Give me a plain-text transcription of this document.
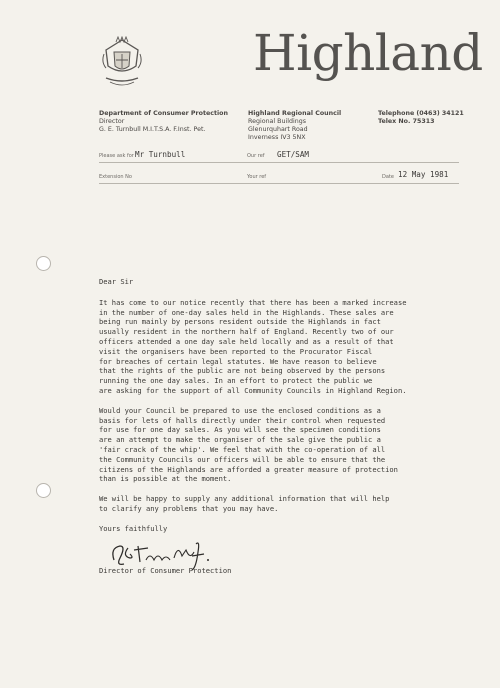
Highland
Department of Consumer Protection
Director
G. E. Turnbull M.I.T.S.A. F.Inst. Pet.
Highland Regional Council
Regional Buildings
Glenurquhart Road
Inverness IV3 5NX
Telephone (0463) 34121
Telex No. 75313
Please ask for Mr Turnbull	Our ref GET/SAM
Extension No	Your ref	Date 12 May 1981

Dear Sir

It has come to our notice recently that there has been a marked increase
in the number of one-day sales held in the Highlands. These sales are
being run mainly by persons resident outside the Highlands in fact
usually resident in the northern half of England. Recently two of our
officers attended a one day sale held locally and as a result of that
visit the organisers have been reported to the Procurator Fiscal
for breaches of certain legal statutes. We have reason to believe
that the rights of the public are not being observed by the persons
running the one day sales. In an effort to protect the public we
are asking for the support of all Community Councils in Highland Region.

Would your Council be prepared to use the enclosed conditions as a
basis for lets of halls directly under their control when requested
for use for one day sales. As you will see the specimen conditions
are an attempt to make the organiser of the sale give the public a
'fair crack of the whip'. We feel that with the co-operation of all
the Community Councils our officers will be able to ensure that the
citizens of the Highlands are afforded a greater measure of protection
than is possible at the moment.

We will be happy to supply any additional information that will help
to clarify any problems that you may have.

Yours faithfully

Director of Consumer Protection
